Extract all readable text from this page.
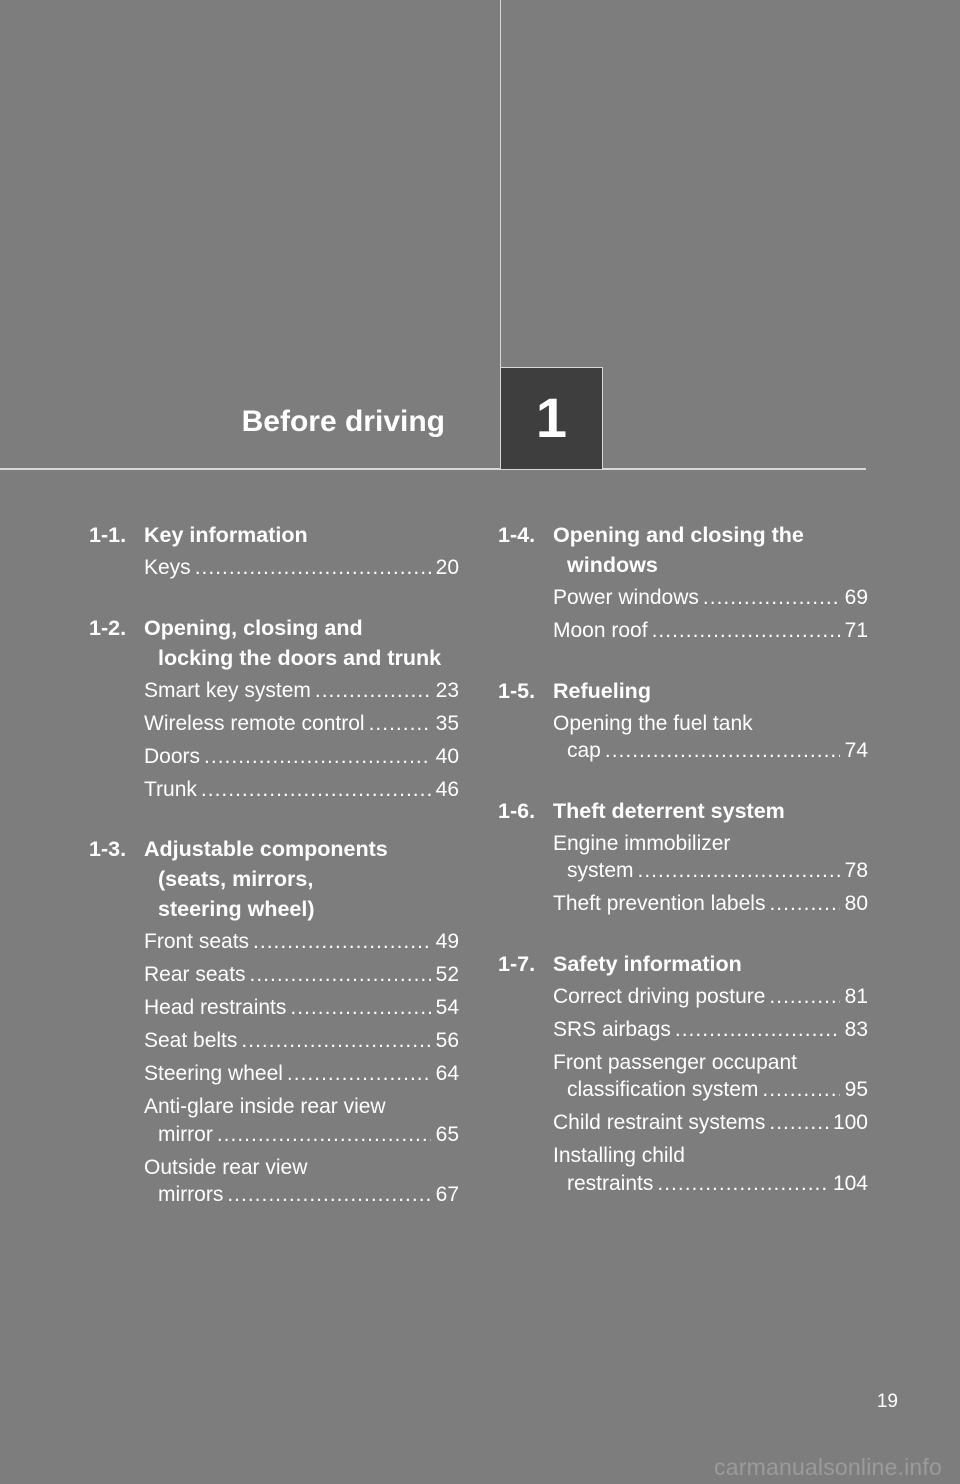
Before driving 1
1-1. Key information
Keys .....	20
1-2. Opening, closing and
locking the doors and trunk
Smart key system .....	23
Wireless remote control .....	35
Doors .....	40
Trunk .....	46
1-3. Adjustable components
(seats, mirrors,
steering wheel)
Front seats .....	49
Rear seats .....	52
Head restraints .....	54
Seat belts .....	56
Steering wheel .....	64
Anti-glare inside rear view
mirror .....	65
Outside rear view
mirrors .....	67
1-4. Opening and closing the
windows
Power windows .....	69
Moon roof .....	71
1-5. Refueling
Opening the fuel tank
cap .....	74
1-6. Theft deterrent system
Engine immobilizer
system .....	78
Theft prevention labels .....	80
1-7. Safety information
Correct driving posture .....	81
SRS airbags .....	83
Front passenger occupant
classification system .....	95
Child restraint systems .....	100
Installing child
restraints .....	104
19
carmanualsonline.info
